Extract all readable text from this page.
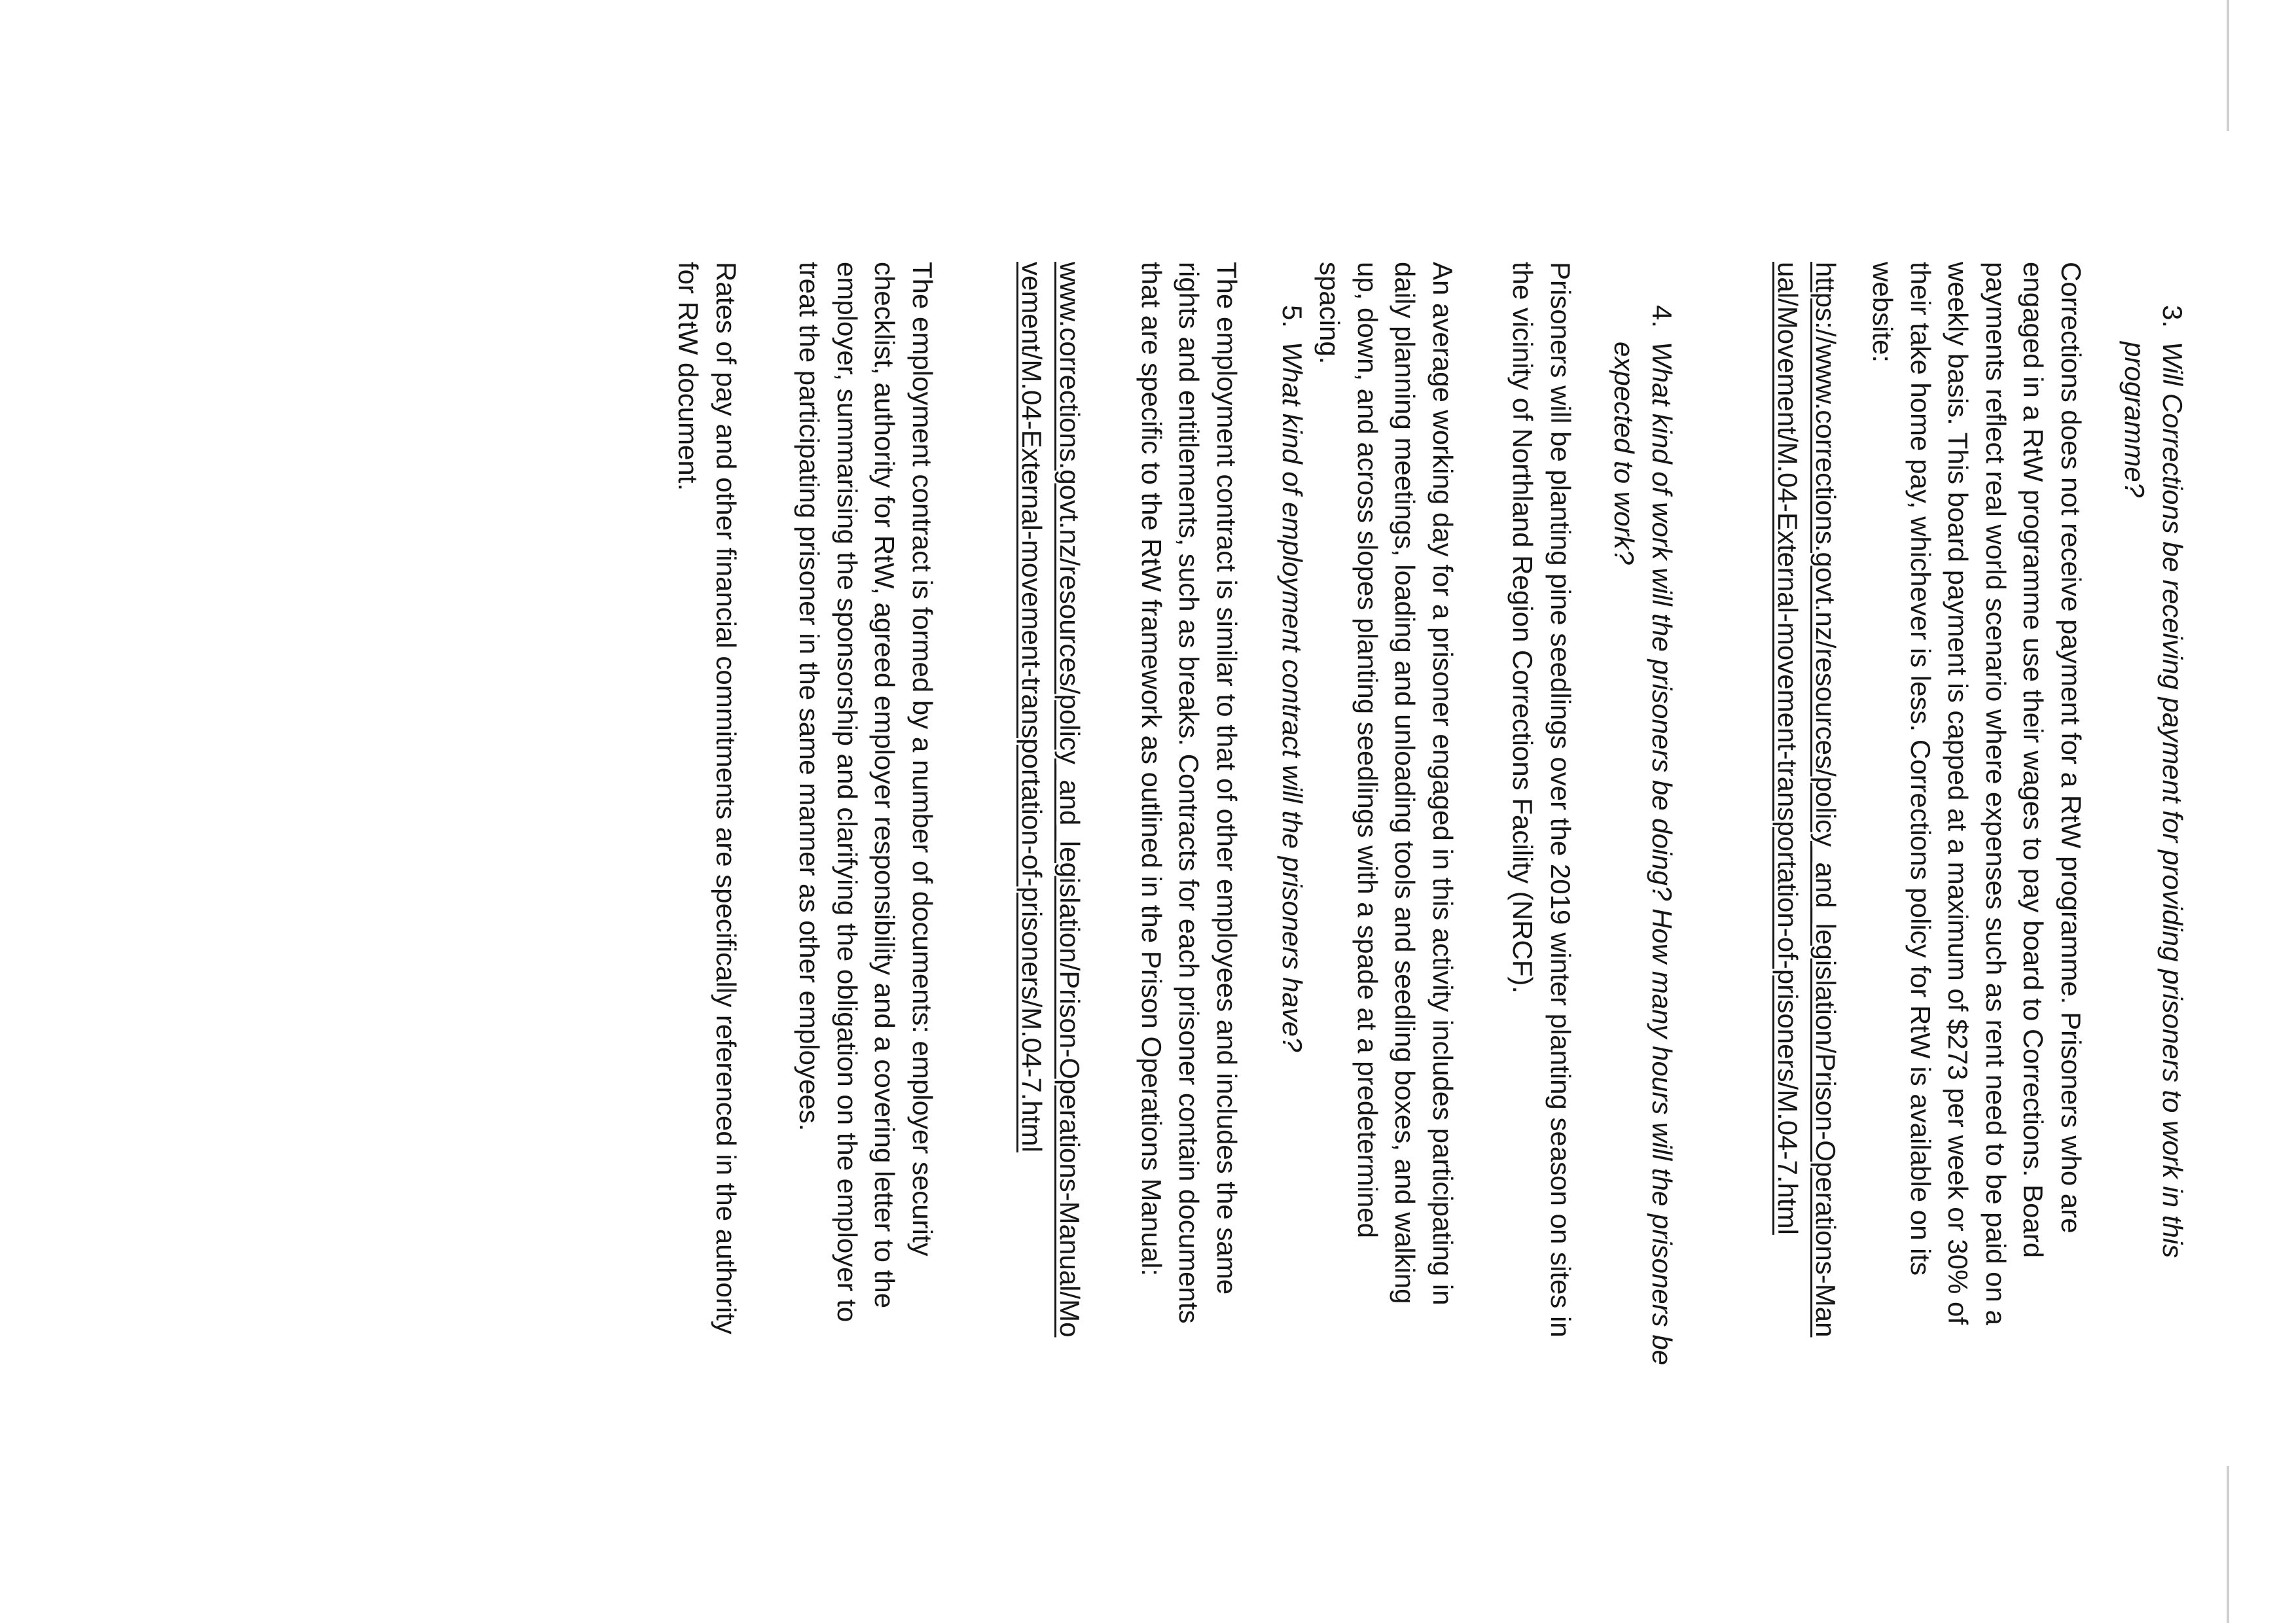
3.
Will Corrections be receiving payment for providing prisoners to work in this programme?

Corrections does not receive payment for a RtW programme. Prisoners who are engaged in a RtW programme use their wages to pay board to Corrections. Board payments reflect real world scenario where expenses such as rent need to be paid on a weekly basis. This board payment is capped at a maximum of $273 per week or 30% of their take home pay, whichever is less. Corrections policy for RtW is available on its website:

https://www.corrections.govt.nz/resources/policy_and_legislation/Prison-Operations-Manual/Movement/M.04-External-movement-transportation-of-prisoners/M.04-7.html

4.
What kind of work will the prisoners be doing? How many hours will the prisoners be expected to work?

Prisoners will be planting pine seedlings over the 2019 winter planting season on sites in the vicinity of Northland Region Corrections Facility (NRCF).

An average working day for a prisoner engaged in this activity includes participating in daily planning meetings, loading and unloading tools and seedling boxes, and walking up, down, and across slopes planting seedlings with a spade at a predetermined spacing.

5.
What kind of employment contract will the prisoners have?

The employment contract is similar to that of other employees and includes the same rights and entitlements, such as breaks. Contracts for each prisoner contain documents that are specific to the RtW framework as outlined in the Prison Operations Manual:

www.corrections.govt.nz/resources/policy_and_legislation/Prison-Operations-Manual/Movement/M.04-External-movement-transportation-of-prisoners/M.04-7.html

The employment contract is formed by a number of documents: employer security checklist, authority for RtW, agreed employer responsibility and a covering letter to the employer, summarising the sponsorship and clarifying the obligation on the employer to treat the participating prisoner in the same manner as other employees.

Rates of pay and other financial commitments are specifically referenced in the authority for RtW document.
